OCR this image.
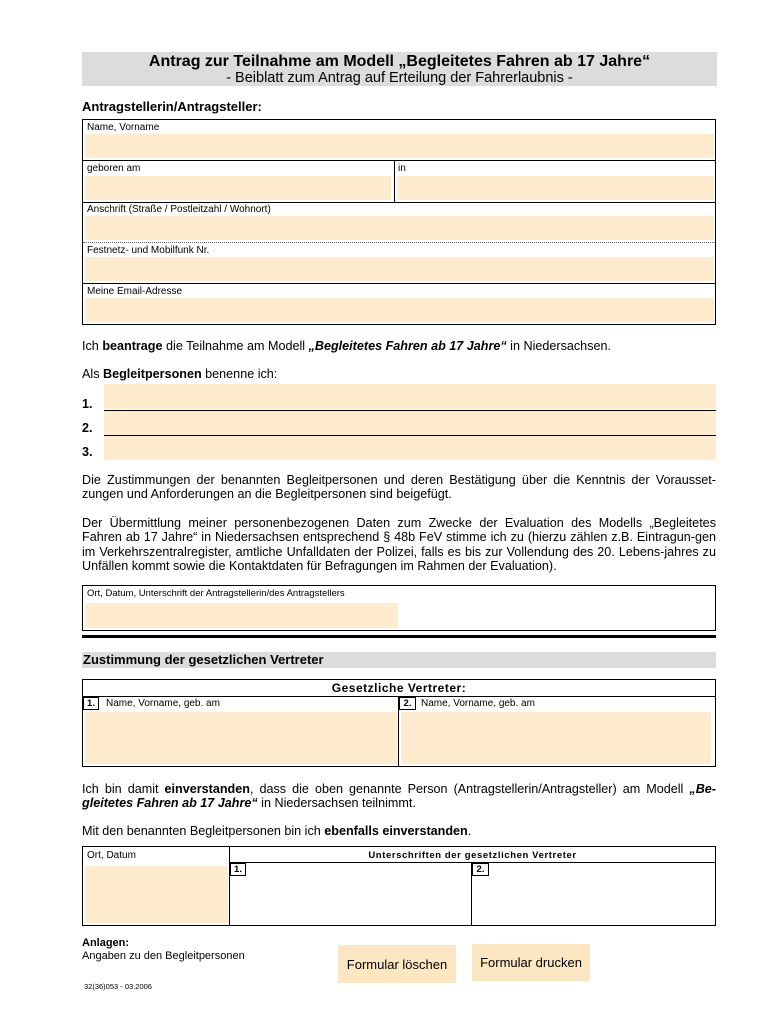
Antrag zur Teilnahme am Modell „Begleitetes Fahren ab 17 Jahre“
- Beiblatt zum Antrag auf Erteilung der Fahrerlaubnis -
Antragstellerin/Antragsteller:
Name, Vorname
geboren am	in
Anschrift (Straße / Postleitzahl / Wohnort)
Festnetz- und Mobilfunk Nr.
Meine Email-Adresse
Ich beantrage die Teilnahme am Modell „Begleitetes Fahren ab 17 Jahre“ in Niedersachsen.
Als Begleitpersonen benenne ich:
1.
2.
3.
Die Zustimmungen der benannten Begleitpersonen und deren Bestätigung über die Kenntnis der Vorausset-zungen und Anforderungen an die Begleitpersonen sind beigefügt.
Der Übermittlung meiner personenbezogenen Daten zum Zwecke der Evaluation des Modells „Begleitetes Fahren ab 17 Jahre“ in Niedersachsen entsprechend § 48b FeV stimme ich zu (hierzu zählen z.B. Eintragun-gen im Verkehrszentralregister, amtliche Unfalldaten der Polizei, falls es bis zur Vollendung des 20. Lebens-jahres zu Unfällen kommt sowie die Kontaktdaten für Befragungen im Rahmen der Evaluation).
Ort, Datum, Unterschrift der Antragstellerin/des Antragstellers
Zustimmung der gesetzlichen Vertreter
Gesetzliche Vertreter:
1.	Name, Vorname, geb. am	2. Name, Vorname, geb. am
Ich bin damit einverstanden, dass die oben genannte Person (Antragstellerin/Antragsteller) am Modell „Be-gleitetes Fahren ab 17 Jahre“ in Niedersachsen teilnimmt.
Mit den benannten Begleitpersonen bin ich ebenfalls einverstanden.
Ort, Datum	Unterschriften der gesetzlichen Vertreter
1.	2.
Anlagen:
Angaben zu den Begleitpersonen
Formular löschen	Formular drucken
32(36)053 - 03.2006
